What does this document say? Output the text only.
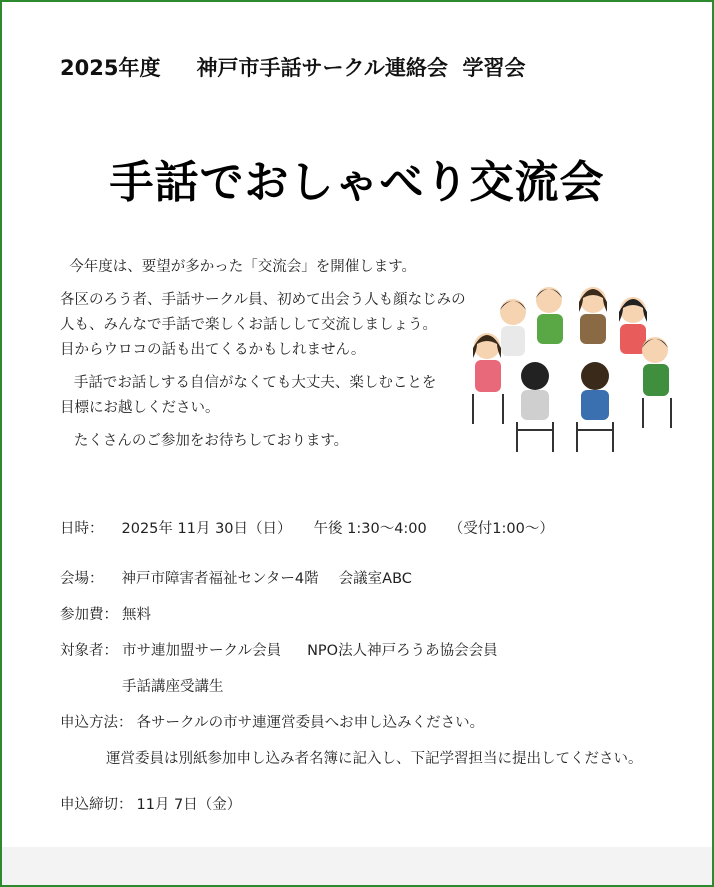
2025年度 神戸市手話サークル連絡会 学習会
手話でおしゃべり交流会

今年度は、要望が多かった「交流会」を開催します。

各区のろう者、手話サークル員、初めて出会う人も顔なじみの
人も、みんなで手話で楽しくお話しして交流しましょう。
目からウロコの話も出てくるかもしれません。

手話でお話しする自信がなくても大丈夫、楽しむことを
目標にお越しください。

たくさんのご参加をお待ちしております。

日時： 2025年 11月 30日（日） 午後 1:30～4:00 （受付1:00～）
会場： 神戸市障害者福祉センター4階 会議室ABC
参加費： 無料
対象者： 市サ連加盟サークル会員 NPO法人神戸ろうあ協会会員
手話講座受講生
申込方法： 各サークルの市サ連運営委員へお申し込みください。
運営委員は別紙参加申し込み者名簿に記入し、下記学習担当に提出してください。
申込締切： 11月 7日（金）
